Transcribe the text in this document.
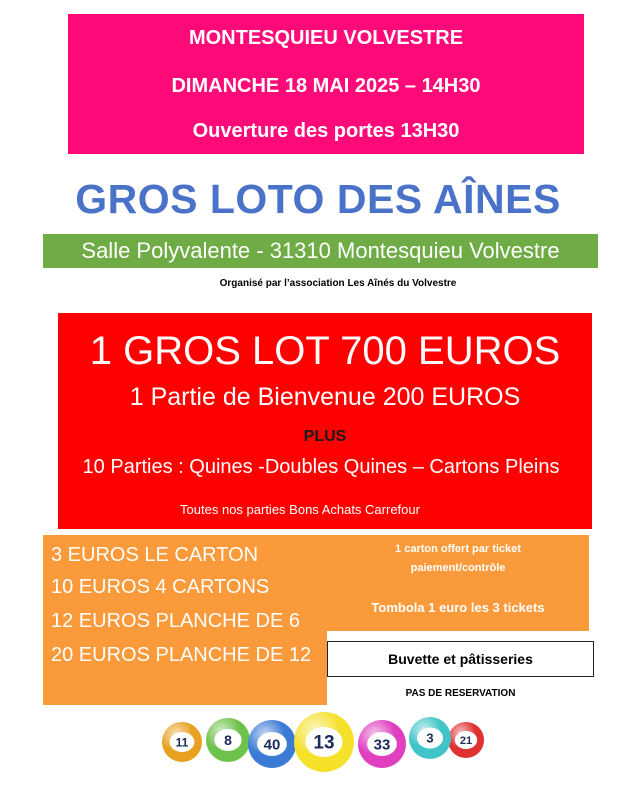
MONTESQUIEU VOLVESTRE
DIMANCHE 18 MAI 2025 – 14H30
Ouverture des portes 13H30
GROS LOTO DES AÎNES
Salle Polyvalente - 31310 Montesquieu Volvestre
Organisé par l’association Les Aînés du Volvestre
1 GROS LOT 700 EUROS
1 Partie de Bienvenue 200 EUROS
PLUS
10 Parties : Quines -Doubles Quines – Cartons Pleins
Toutes nos parties Bons Achats Carrefour
3 EUROS LE CARTON
10 EUROS 4 CARTONS
12 EUROS PLANCHE DE 6
20 EUROS PLANCHE DE 12
1 carton offert par ticket
paiement/contrôle
Tombola 1 euro les 3 tickets
Buvette et pâtisseries
PAS DE RESERVATION
11	21
8	3
40	33
13
